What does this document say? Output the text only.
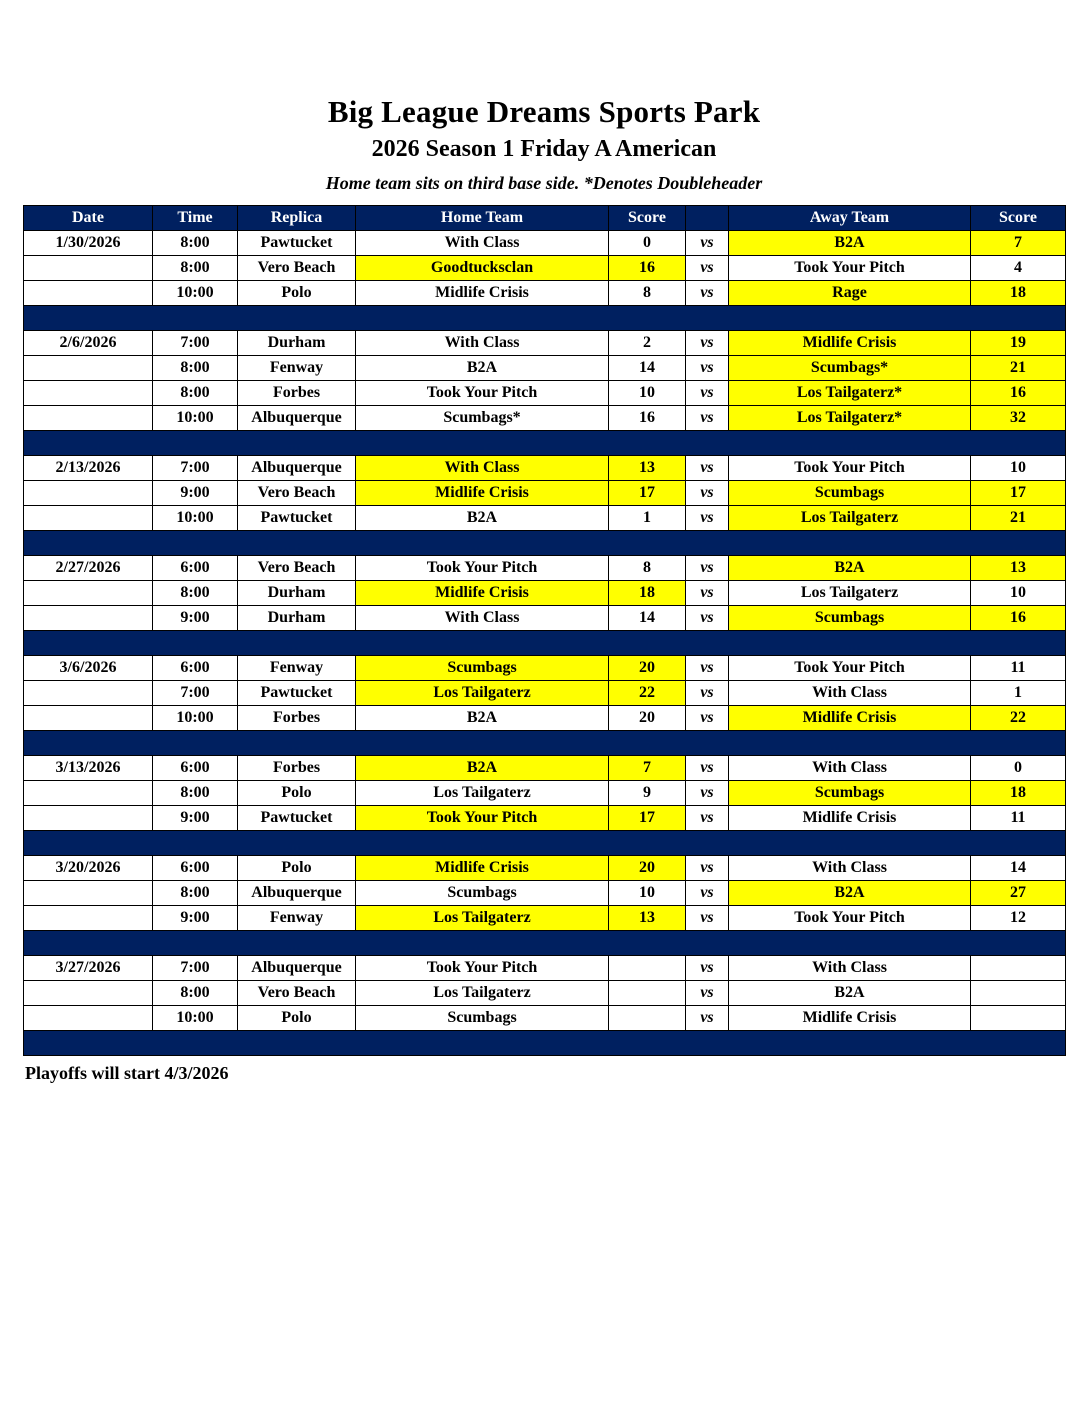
Big League Dreams Sports Park
2026 Season 1 Friday A American
Home team sits on third base side. *Denotes Doubleheader
Date	Time	Replica	Home Team	Score		Away Team	Score
1/30/2026	8:00	Pawtucket	With Class	0	vs	B2A	7
	8:00	Vero Beach	Goodtucksclan	16	vs	Took Your Pitch	4
	10:00	Polo	Midlife Crisis	8	vs	Rage	18

2/6/2026	7:00	Durham	With Class	2	vs	Midlife Crisis	19
	8:00	Fenway	B2A	14	vs	Scumbags*	21
	8:00	Forbes	Took Your Pitch	10	vs	Los Tailgaterz*	16
	10:00	Albuquerque	Scumbags*	16	vs	Los Tailgaterz*	32

2/13/2026	7:00	Albuquerque	With Class	13	vs	Took Your Pitch	10
	9:00	Vero Beach	Midlife Crisis	17	vs	Scumbags	17
	10:00	Pawtucket	B2A	1	vs	Los Tailgaterz	21

2/27/2026	6:00	Vero Beach	Took Your Pitch	8	vs	B2A	13
	8:00	Durham	Midlife Crisis	18	vs	Los Tailgaterz	10
	9:00	Durham	With Class	14	vs	Scumbags	16

3/6/2026	6:00	Fenway	Scumbags	20	vs	Took Your Pitch	11
	7:00	Pawtucket	Los Tailgaterz	22	vs	With Class	1
	10:00	Forbes	B2A	20	vs	Midlife Crisis	22

3/13/2026	6:00	Forbes	B2A	7	vs	With Class	0
	8:00	Polo	Los Tailgaterz	9	vs	Scumbags	18
	9:00	Pawtucket	Took Your Pitch	17	vs	Midlife Crisis	11

3/20/2026	6:00	Polo	Midlife Crisis	20	vs	With Class	14
	8:00	Albuquerque	Scumbags	10	vs	B2A	27
	9:00	Fenway	Los Tailgaterz	13	vs	Took Your Pitch	12

3/27/2026	7:00	Albuquerque	Took Your Pitch		vs	With Class	
	8:00	Vero Beach	Los Tailgaterz		vs	B2A	
	10:00	Polo	Scumbags		vs	Midlife Crisis	

Playoffs will start 4/3/2026
